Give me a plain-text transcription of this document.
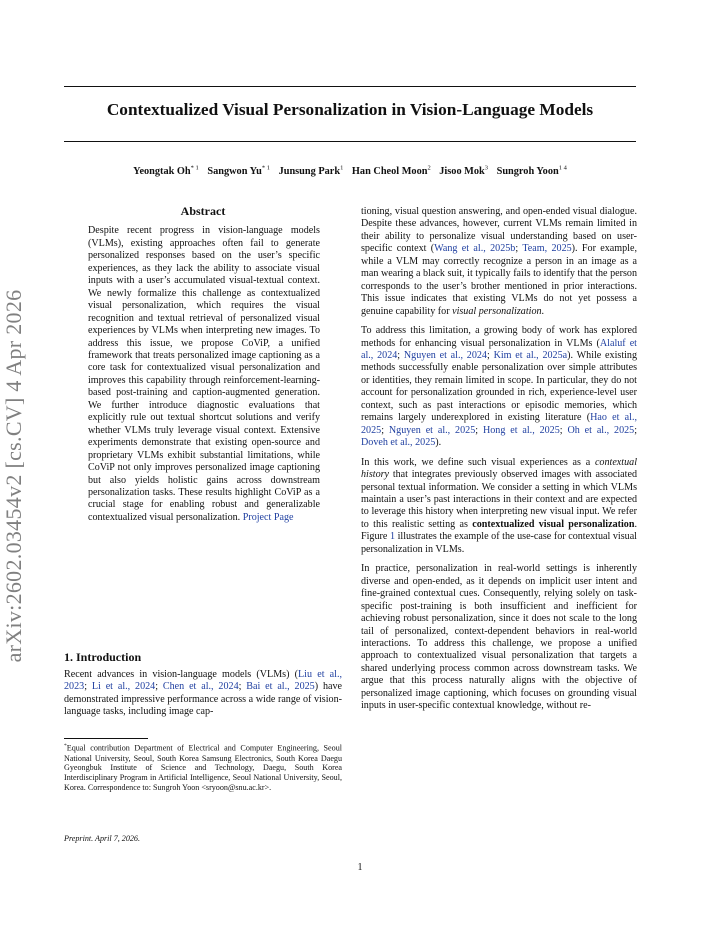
arXiv:2602.03454v2 [cs.CV] 4 Apr 2026
Contextualized Visual Personalization in Vision-Language Models
Yeongtak Oh$^{* 1}$ Sangwon Yu$^{* 1}$ Junsung Park$^1$ Han Cheol Moon$^2$ Jisoo Mok$^3$ Sungroh Yoon$^{1 4}$
Abstract

Despite recent progress in vision-language models (VLMs), existing approaches often fail to generate personalized responses based on the user’s specific experiences, as they lack the ability to associate visual inputs with a user’s accumulated visual-textual context. We newly formalize this challenge as contextualized visual personalization, which requires the visual recognition and textual retrieval of personalized visual experiences by VLMs when interpreting new images. To address this issue, we propose CoViP, a unified framework that treats personalized image captioning as a core task for contextualized visual personalization and improves this capability through reinforcement-learning-based post-training and caption-augmented generation. We further introduce diagnostic evaluations that explicitly rule out textual shortcut solutions and verify whether VLMs truly leverage visual context. Extensive experiments demonstrate that existing open-source and proprietary VLMs exhibit substantial limitations, while CoViP not only improves personalized image captioning but also yields holistic gains across downstream personalization tasks. These results highlight CoViP as a crucial stage for enabling robust and generalizable contextualized visual personalization. Project Page

1. Introduction
Recent advances in vision-language models (VLMs) (Liu et al., 2023; Li et al., 2024; Chen et al., 2024; Bai et al., 2025) have demonstrated impressive performance across a wide range of vision-language tasks, including image cap-
*Equal contribution Department of Electrical and Computer Engineering, Seoul National University, Seoul, South Korea Samsung Electronics, South Korea Daegu Gyeongbuk Institute of Science and Technology, Daegu, South Korea Interdisciplinary Program in Artificial Intelligence, Seoul National University, Seoul, Korea. Correspondence to: Sungroh Yoon <sryoon@snu.ac.kr>.
Preprint. April 7, 2026.

tioning, visual question answering, and open-ended visual dialogue. Despite these advances, however, current VLMs remain limited in their ability to personalize visual understanding based on user-specific context (Wang et al., 2025b; Team, 2025). For example, while a VLM may correctly recognize a person in an image as a man wearing a black suit, it typically fails to identify that the person corresponds to the user’s brother mentioned in prior interactions. This issue indicates that existing VLMs do not yet possess a genuine capability for visual personalization.

To address this limitation, a growing body of work has explored methods for enhancing visual personalization in VLMs (Alaluf et al., 2024; Nguyen et al., 2024; Kim et al., 2025a). While existing methods successfully enable personalization over simple attributes or identities, they remain limited in scope. In particular, they do not account for personalization grounded in rich, experience-level user context, such as past interactions or episodic memories, which remains largely underexplored in existing literature (Hao et al., 2025; Nguyen et al., 2025; Hong et al., 2025; Oh et al., 2025; Doveh et al., 2025).

In this work, we define such visual experiences as a contextual history that integrates previously observed images with associated personal textual information. We consider a setting in which VLMs maintain a user’s past interactions in their context and are expected to leverage this history when interpreting new visual input. We refer to this realistic setting as contextualized visual personalization. Figure 1 illustrates the example of the use-case for contextual visual personalization in VLMs.

In practice, personalization in real-world settings is inherently diverse and open-ended, as it depends on implicit user intent and fine-grained contextual cues. Consequently, relying solely on task-specific post-training is both insufficient and inefficient for achieving robust personalization, since it does not scale to the long tail of personalized, context-dependent behaviors in real-world interactions. To address this challenge, we propose a unified approach to contextualized visual personalization that targets a shared underlying process common across downstream tasks. We argue that this process naturally aligns with the objective of personalized image captioning, which focuses on grounding visual inputs in user-specific contextual knowledge, without re-

1
